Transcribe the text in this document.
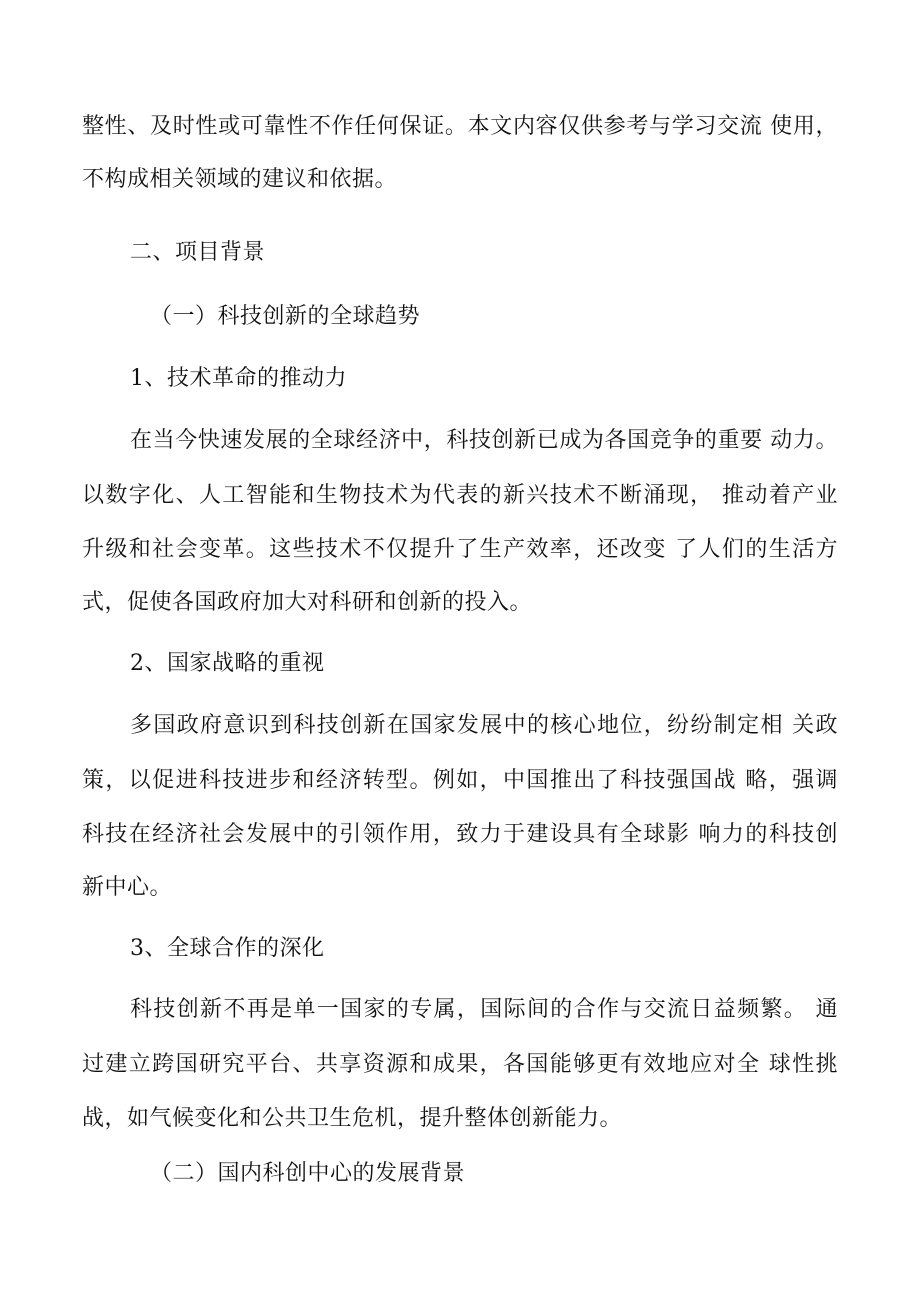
整性、及时性或可靠性不作任何保证。本文内容仅供参考与学习交流 使用，
不构成相关领域的建议和依据。
二、项目背景
（一）科技创新的全球趋势
1、技术革命的推动力
在当今快速发展的全球经济中，科技创新已成为各国竞争的重要 动力。
以数字化、人工智能和生物技术为代表的新兴技术不断涌现， 推动着产业
升级和社会变革。这些技术不仅提升了生产效率，还改变 了人们的生活方
式，促使各国政府加大对科研和创新的投入。
2、国家战略的重视
多国政府意识到科技创新在国家发展中的核心地位，纷纷制定相 关政
策，以促进科技进步和经济转型。例如，中国推出了科技强国战 略，强调
科技在经济社会发展中的引领作用，致力于建设具有全球影 响力的科技创
新中心。
3、全球合作的深化
科技创新不再是单一国家的专属，国际间的合作与交流日益频繁。 通
过建立跨国研究平台、共享资源和成果，各国能够更有效地应对全 球性挑
战，如气候变化和公共卫生危机，提升整体创新能力。
（二）国内科创中心的发展背景
